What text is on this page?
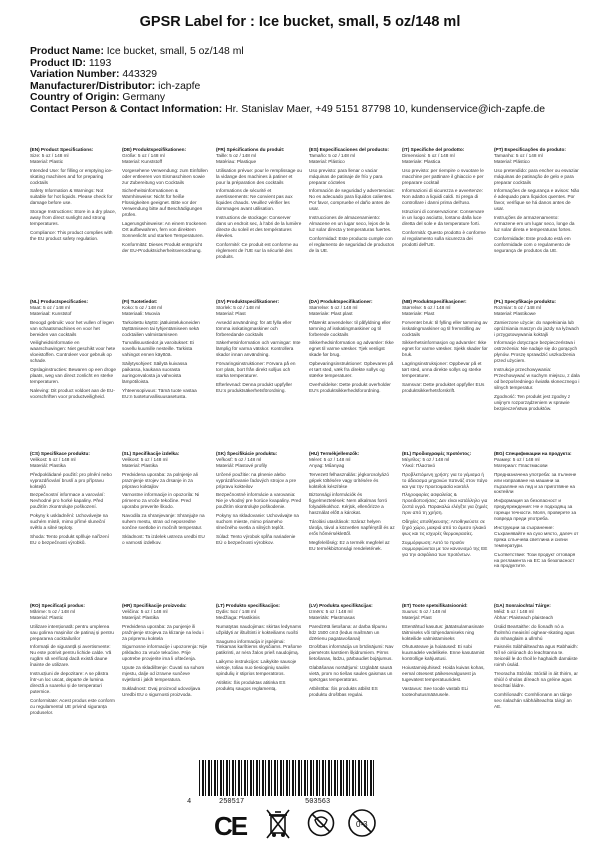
GPSR Label for : Ice bucket, small, 5 oz/148 ml
Product Name: Ice bucket, small, 5 oz/148 ml
Product ID: 1193
Variation Number: 443329
Manufacturer/Distributor: ich-zapfe
Country of Origin: Germany
Contact Person & Contact Information: Hr. Stanislav Maer, +49 5151 87798 10, kundenservice@ich-zapfe.de

(EN) Product Specifications:

Size: 5 oz / 148 ml

Material: Plastic

Intended Use: for filling or emptying ice-skating machines and for preparing cocktails

Safety Information & Warnings: Not suitable for hot liquids. Please check for damage before use.

Storage Instructions: Store in a dry place, away from direct sunlight and strong temperatures.

Compliance: This product complies with the EU product safety regulation.

(DE) Produktspezifikationen:

Größe: 5 oz / 148 ml

Material: Kunststoff

Vorgesehene Verwendung: zum Einfüllen oder entleeren von Eismaschinen sowie zur Zubereitung von Cocktails

Sicherheitsinformationen & Warnhinweise: Nicht für heiße Flüssigkeiten geeignet. Bitte vor der Verwendung bitte auf Beschädigungen prüfen.

Lagerungshinweise: An einem trockenen Ort aufbewahren, fern von direktem Sonnenlicht und starken Temperaturen.

Konformität: Dieses Produkt entspricht der EU-Produktsicherheitsverordnung.

(FR) Spécifications du produit:

Taille: 5 oz / 148 ml

Matériau: Plastique

Utilisation prévue: pour le remplissage ou la vidange des machines à patiner et pour la préparation des cocktails

Informations de sécurité et avertissements: Ne convient pas aux liquides chauds. Veuillez vérifier les dommages avant utilisation.

Instructions de stockage: Conserver dans un endroit sec, à l'abri de la lumière directe du soleil et des températures élevées.

Conformité: Ce produit est conforme au règlement de l'UE sur la sécurité des produits.

(ES) Especificaciones del producto:

Tamaño: 5 oz / 148 ml

Material: Plástico

Uso previsto: para llenar o vaciar máquinas de patinaje de frío y para preparar cócteles

Información de seguridad y advertencias: No es adecuado para líquidos calientes. Por favor, compruebe el daño antes de usar.

Instrucciones de almacenamiento: Almacene en un lugar seco, lejos de la luz solar directa y temperaturas fuertes.

Conformidad: Este producto cumple con el reglamento de seguridad de productos de la UE.

(IT) Specifiche del prodotto:

Dimensioni: 5 oz / 148 ml

Materiale: Plastica

Uso previsto: per riempire o svuotare le macchine per pattinare il ghiaccio e per preparare cocktail

Informazioni di sicurezza e avvertenze: Non adatto a liquidi caldi. Si prega di controllare i danni prima dell'uso.

Istruzioni di conservazione: Conservare in un luogo asciutto, lontano dalla luce diretta del sole e da temperature forti.

Conformità: Questo prodotto è conforme al regolamento sulla sicurezza dei prodotti dell'UE.

(PT) Especificações do produto:

Tamanho: 5 oz / 148 ml

Material: Plástico

Uso pretendido: para encher ou esvaziar máquinas de patinação de gelo e para preparar cocktails

Informações de segurança e avisos: Não é adequado para líquidos quentes. Por favor, verifique se há danos antes de usar.

Instruções de armazenamento: Armazene em um lugar seco, longe da luz solar direta e temperaturas fortes.

Conformidade: Este produto está em conformidade com o regulamento de segurança de produtos da UE.

(NL) Productspecificaties:

Maat: 5 oz / 148 ml

Materiaal: Kunststof

Beoogd gebruik: voor het vullen of legen van schaatsmachines en voor het bereiden van cocktails

Veiligheidsinformatie en waarschuwingen: Niet geschikt voor hete vloeistoffen. Controleer voor gebruik op schade.

Opslaginstructies: Bewaren op een droge plaats, weg van direct zonlicht en sterke temperaturen.

Naleving: Dit product voldoet aan de EU-voorschriften voor productveiligheid.

(FI) Tuotetiedot:

Koko: 5 oz / 148 ml

Materiaali: Muovia

Tarkoitettu käyttö: jääluistelukoneiden täyttämiseen tai tyhjentämiseen sekä cocktailien valmistamiseen

Turvallisuustiedot ja varoitukset: Ei sovellu kuumille nesteille. Tarkista vahingot ennen käyttöä.

Säilytysohjeet: Säilytä kuivassa paikassa, kaukana suorasta auringonvalosta ja vahvoista lämpötiloista.

Yhteensopivuus: Tämä tuote vastaa EU:n tuoteturvallisuusasetusta.

(SV) Produktspecifikationer:

Storlek: 5 oz / 148 ml

Material: Plast

Avsedd användning: för att fylla eller tömma isskatingmaskiner och förberedande cocktails

Säkerhetsinformation och varningar: Inte lämplig för varma vätskor. Kontrollera skador innan användning.

Förvaringsinstruktioner: Förvara på en torr plats, bort från direkt solljus och starka temperaturer.

Efterlevnad: Denna produkt uppfyller EU:s produktsäkerhetsförordning.

(DA) Produktspecifikationer:

Størrelse: 5 oz / 148 ml

Materiale: Plast plast

Påtænkt anvendelse: til påfyldning eller tømning af isskatingmaskiner og til forberede cocktails

Sikkerhedsinformation og advarsler: Ikke egnet til varme væsker. Tjek venligst skade før brug.

Opbevaringsinstruktioner: Opbevares på et tørt sted, væk fra direkte sollys og stærke temperaturer.

Overholdelse: Dette produkt overholder EU's produktsikkerhedsforordning.

(NB) Produktspesifikasjoner:

Størrelse: 5 oz / 148 ml

Materiale: Plast

Forventet bruk: til fylling eller tømming av isskatingmaskiner og til fremstilling av cocktails

Sikkerhetsinformasjon og advarsler: Ikke egnet for varme væsker. Sjekk skader før bruk.

Lagringsinstruksjoner: Oppbevar på et tørt sted, unna direkte sollys og sterke temperaturer.

Samsvar: Dette produktet oppfyller EUs produktsikkerhetsforskrift.

(PL) Specyfikacje produktu:

Rozmiar: 5 oz / 148 ml

Materiał: Plastikowe

Zamierzone użycie: do napełniania lub opróżniania maszyn do jazdy na łyżwach i przygotowywania koktajli

Informacje dotyczące bezpieczeństwa i ostrzeżenia: Nie nadaje się do gorących płynów. Proszę sprawdzić uszkodzenia przed użyciem.

Instrukcje przechowywania: Przechowywać w suchym miejscu, z dala od bezpośredniego światła słonecznego i silnych temperatur.

Zgodność: Ten produkt jest zgodny z unijnym rozporządzeniem w sprawie bezpieczeństwa produktów.

(CS) Specifikace produktu:

Velikost: 5 oz / 148 ml

Materiál: Plastika

Předpokládané použití: pro plnění nebo vyprazdňování bruslí a pro přípravu koktejlů

Bezpečnostní informace a varování: Nevhodné pro horké kapaliny. Před použitím zkontrolujte poškození.

Pokyny k uskladnění: Uchovávejte na suchém místě, mimo přímé sluneční světlo a silné teploty.

Shoda: Tento produkt splňuje nařízení EU o bezpečnosti výrobků.

(SL) Specifikacije izdelka:

Velikost: 5 oz / 148 ml

Material: Plastika

Predvidena uporaba: za polnjenje ali praznjenje strojev za drsanje in za pripravo koktajlov

Varnostne informacije in opozorila: Ni primerno za vroče tekočine. Pred uporabo preverite škodo.

Navodila za shranjevanje: Shranjujte na suhem mestu, stran od neposredne sončne svetlobe in močnih temperatur.

Skladnost: Ta izdelek ustreza uredbi EU o varnosti izdelkov.

(SK) Špecifikácie produktu:

Veľkosť: 5 oz / 148 ml

Materiál: Plastové profily

Určené použitie: na plnenie alebo vyprázdňovanie ľadových strojov a pre prípravu kokteilov

Bezpečnostné informácie a varovania: Nie je vhodný pre horúce kvapaliny. Pred použitím skontrolujte poškodenie.

Pokyny na skladovanie: Uchovávajte na suchom mieste, mimo priameho slnečného svetla a silných teplôt.

Súlad: Tento výrobok spĺňa nariadenie EÚ o bezpečnosti výrobkov.

(HU) Termékjellemzők:

Méret: 5 oz / 148 ml

Anyag: Műanyag

Tervezett felhasználás: jégkorcsolyázó gépek töltésére vagy ürítésére és koktélok készítése

Biztonsági információk és figyelmeztetések: Nem alkalmas forró folyadékokhoz. Kérjük, ellenőrizze a használat előtt a károkat.

Tárolási utasítások: Száraz helyen tárolja, távol a közvetlen napfénytől és az erős hőmérséklettől.

Megfelelőség: Ez a termék megfelel az EU termékbiztonsági rendeletének.

(EL) Προδιαγραφές προϊόντος:

Μέγεθος: 5 oz / 148 ml

Υλικό: Πλαστικό

Προβλεπόμενη χρήση: για το γέμισμα ή το άδειασμα μηχανών πατινάζ στον πάγο και για την προετοιμασία κοκτέιλ

Πληροφορίες ασφαλείας & προειδοποιήσεις: Δεν είναι κατάλληλο για ζεστά υγρά. Παρακαλώ ελέγξτε για ζημιές πριν από τη χρήση.

Οδηγίες αποθήκευσης: Αποθηκεύστε σε ξηρό χώρο, μακριά από το άμεσο ηλιακό φως και τις ισχυρές θερμοκρασίες.

Συμμόρφωση: Αυτό το προϊόν συμμορφώνεται με τον κανονισμό της ΕΕ για την ασφάλεια των προϊόντων.

(BG) Спецификации на продукта:

Размер: 5 oz / 148 ml

Материал: Пластмасови

Предназначена употреба: за пълнене или изпразване на машини за пързаляне на лед и за приготвяне на коктейли

Информация за безопасност и предупреждения: Не е подходящ за горещи течности. Моля, проверете за повреда преди употреба.

Инструкции за съхранение: Съхранявайте на сухо място, далеч от пряка слънчева светлина и силни температури.

Съответствие: Този продукт отговаря на регламента на ЕС за безопасност на продуктите.

(RO) Specificații produs:

Mărime: 5 oz / 148 ml

Material: Plastic

Utilizare intenționată: pentru umplerea sau golirea mașinilor de patinaj și pentru prepararea cocktailurilor

Informații de siguranță și avertismente: Nu este potrivit pentru lichide calde. Vă rugăm să verificați dacă există daune înainte de utilizare.

Instrucțiuni de depozitare: A se păstra într-un loc uscat, departe de lumina directă a soarelui și de temperaturi puternice.

Conformitate: Acest produs este conform cu regulamentul UE privind siguranța produselor.

(HR) Specifikacije proizvoda:

Veličina: 5 oz / 148 ml

Materijal: Plastika

Predviđena uporaba: za punjenje ili pražnjenje strojeva za klizanje na ledu i za pripremu koktela

Sigurnosne informacije i upozorenja: Nije prikladno za vruće tekućine. Prije upotrebe provjerite ima li oštećenja.

Upute za skladištenje: Čuvati na suhom mjestu, dalje od izravne sunčeve svjetlosti i jakih temperatura.

Sukladnost: Ovaj proizvod udovoljava Uredbi EU o sigurnosti proizvoda.

(LT) Produkto specifikacijos:

Dydis: 5oz / 148 ml

Medžiaga: Plastikinis

Numatytas naudojimas: skirtas ledynams užpildyti ar ištuštinti ir kokteiliams ruošti

Saugumo informacija ir įspėjimai: Tinkamas karštiems skysčiams. Prašome patikrinti, ar nėra žalos prieš naudojimą.

Laikymo instrukcijos: Laikykite sausoje vietoje, toliau nuo tiesioginių saulės spindulių ir stiprios temperatūros.

Atitiktis: Šis produktas atitinka ES produktų saugos reglamentą.

(LV) Produkta specifikācijas:

Izmērs: 5 oz / 148 ml

Materiāls: Plastmasas

Paredzētā lietošana: ar darba tilpumu līdz 1500 cm3 (ledus mašīnām un dzērienu pagatavošanai)

Drošības informācija un brīdinājumi: Nav piemērots karstiem šķidrumiem. Pirms lietošanas, lūdzu, pārbaudiet bojājumus.

Glabāšanas norādījumi: Uzglabāt sausā vietā, prom no tiešas saules gaismas un spēcīgas temperatūras.

Atbilstība: Šis produkts atbilst ES produktu drošības regulai.

(ET) Toote spetsifikatsioonid:

Suurus: 5 oz / 148 ml

Materjal: Plast

Ettenähtud kasutus: jäätatsulamasinate täitmiseks või tühjendamiseks ning kokteilide valmistamiseks

Ohutusteave ja hoiatused: Ei sobi kuumadele vedelikele. Enne kasutamist kontrollige kahjustusi.

Hoiustamisjuhised: Hoida kuivas kohas, eemal otsesest päikesevalgusest ja tugevatest temperatuuridest.

Vastavus: See toode vastab ELi tooteohutusmäärusele.

(GA) Sonraíochtaí Táirge:

Méid: 5 oz / 148 ml

Ábhar: Plaisteach plaisteach

Úsáid Beartaithe: do líonadh nó a fholmhú meaisíní oighear-skating agus do mhanglaim a ullmhú

Faisnéis Sábháilteachta agus Rabhaidh: Níl sé oiriúnach do leachtanna te. Seiceáil le do thoil le haghaidh damáiste roimh úsáid.

Treoracha Stórála: Stóráil in áit thirim, ar shiúl ó sholas díreach na gréine agus teochtaí láidre.

Comhlíonadh: Comhlíonann an táirge seo rialachán sábháilteachta táirgí an AE.

4	250517	503563
CE	0-3
